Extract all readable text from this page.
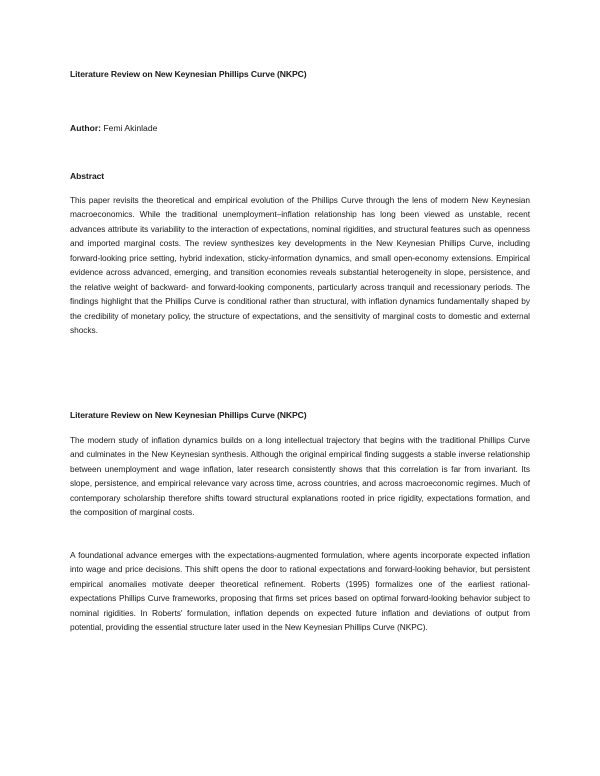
Literature Review on New Keynesian Phillips Curve (NKPC)
Author: Femi Akinlade
Abstract
This paper revisits the theoretical and empirical evolution of the Phillips Curve through the lens of modern New Keynesian macroeconomics. While the traditional unemployment–inflation relationship has long been viewed as unstable, recent advances attribute its variability to the interaction of expectations, nominal rigidities, and structural features such as openness and imported marginal costs. The review synthesizes key developments in the New Keynesian Phillips Curve, including forward-looking price setting, hybrid indexation, sticky-information dynamics, and small open-economy extensions. Empirical evidence across advanced, emerging, and transition economies reveals substantial heterogeneity in slope, persistence, and the relative weight of backward- and forward-looking components, particularly across tranquil and recessionary periods. The findings highlight that the Phillips Curve is conditional rather than structural, with inflation dynamics fundamentally shaped by the credibility of monetary policy, the structure of expectations, and the sensitivity of marginal costs to domestic and external shocks.
Literature Review on New Keynesian Phillips Curve (NKPC)
The modern study of inflation dynamics builds on a long intellectual trajectory that begins with the traditional Phillips Curve and culminates in the New Keynesian synthesis. Although the original empirical finding suggests a stable inverse relationship between unemployment and wage inflation, later research consistently shows that this correlation is far from invariant. Its slope, persistence, and empirical relevance vary across time, across countries, and across macroeconomic regimes. Much of contemporary scholarship therefore shifts toward structural explanations rooted in price rigidity, expectations formation, and the composition of marginal costs.
A foundational advance emerges with the expectations-augmented formulation, where agents incorporate expected inflation into wage and price decisions. This shift opens the door to rational expectations and forward-looking behavior, but persistent empirical anomalies motivate deeper theoretical refinement. Roberts (1995) formalizes one of the earliest rational-expectations Phillips Curve frameworks, proposing that firms set prices based on optimal forward-looking behavior subject to nominal rigidities. In Roberts' formulation, inflation depends on expected future inflation and deviations of output from potential, providing the essential structure later used in the New Keynesian Phillips Curve (NKPC).
